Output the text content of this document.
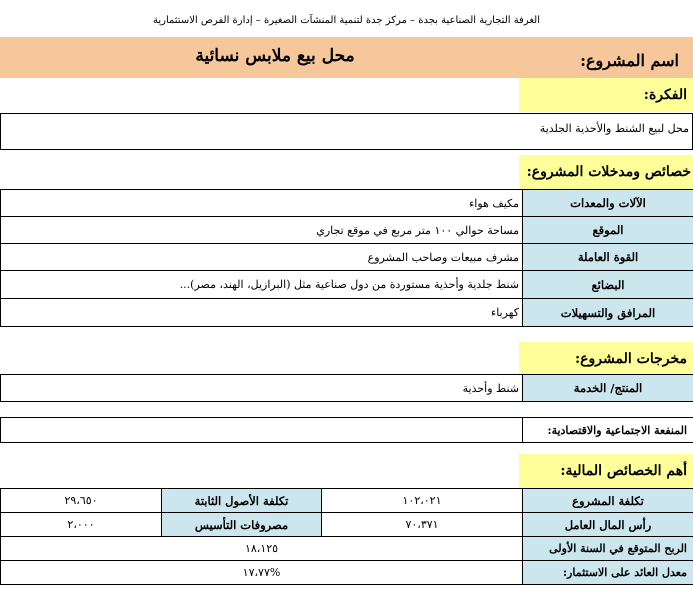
الغرفة التجارية الصناعية بجدة – مركز جدة لتنمية المنشآت الصغيرة – إدارة الفرص الاستثمارية
اسم المشروع:
محل بيع ملابس نسائية
الفكرة:
محل لبيع الشنط والأحذية الجلدية
خصائص ومدخلات المشروع:
الآلات والمعدات	مكيف هواء
الموقع	مساحة حوالي ١٠٠ متر مربع في موقع تجاري
القوة العاملة	مشرف مبيعات وصاحب المشروع
البضائع	شنط جلدية وأحذية مستوردة من دول صناعية مثل (البرازيل، الهند، مصر)...
المرافق والتسهيلات	كهرباء
مخرجات المشروع:
المنتج/ الخدمة	شنط وأحذية
المنفعة الاجتماعية والاقتصادية:	
أهم الخصائص المالية:
تكلفة المشروع	١٠٢،٠٢١	تكلفة الأصول الثابتة	٢٩،٦٥٠
رأس المال العامل	٧٠،٣٧١	مصروفات التأسيس	٢،٠٠٠
الربح المتوقع في السنة الأولى	١٨،١٢٥		
معدل العائد على الاستثمار:	%١٧،٧٧		
